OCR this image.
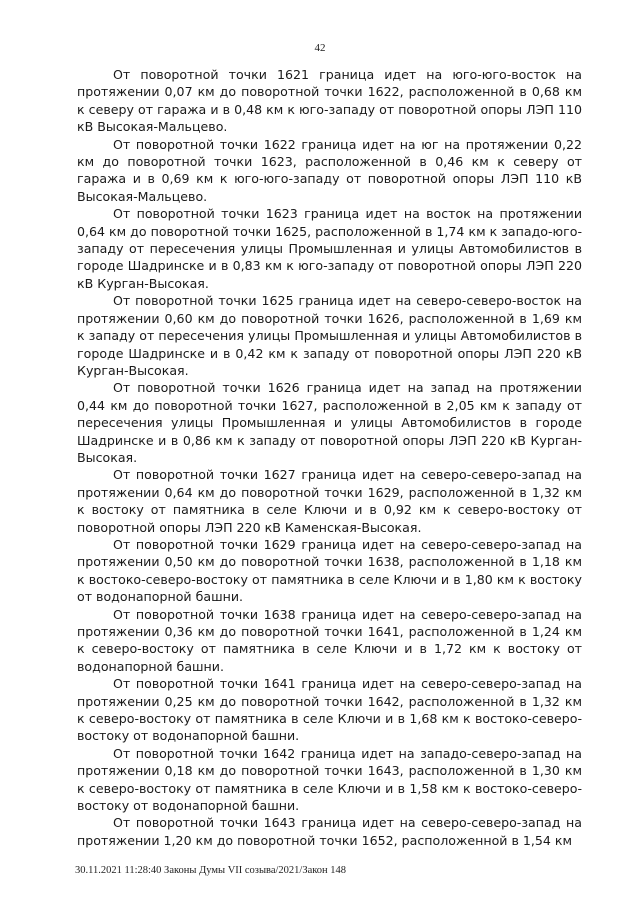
42

От поворотной точки 1621 граница идет на юго-юго-восток на протяжении 0,07 км до поворотной точки 1622, расположенной в 0,68 км к северу от гаража и в 0,48 км к юго-западу от поворотной опоры ЛЭП 110 кВ Высокая-Мальцево.

От поворотной точки 1622 граница идет на юг на протяжении 0,22 км до поворотной точки 1623, расположенной в 0,46 км к северу от гаража и в 0,69 км к юго-юго-западу от поворотной опоры ЛЭП 110 кВ Высокая-Мальцево.

От поворотной точки 1623 граница идет на восток на протяжении 0,64 км до поворотной точки 1625, расположенной в 1,74 км к западо-юго-западу от пересечения улицы Промышленная и улицы Автомобилистов в городе Шадринске и в 0,83 км к юго-западу от поворотной опоры ЛЭП 220 кВ Курган-Высокая.

От поворотной точки 1625 граница идет на северо-северо-восток на протяжении 0,60 км до поворотной точки 1626, расположенной в 1,69 км к западу от пересечения улицы Промышленная и улицы Автомобилистов в городе Шадринске и в 0,42 км к западу от поворотной опоры ЛЭП 220 кВ Курган-Высокая.

От поворотной точки 1626 граница идет на запад на протяжении 0,44 км до поворотной точки 1627, расположенной в 2,05 км к западу от пересечения улицы Промышленная и улицы Автомобилистов в городе Шадринске и в 0,86 км к западу от поворотной опоры ЛЭП 220 кВ Курган-Высокая.

От поворотной точки 1627 граница идет на северо-северо-запад на протяжении 0,64 км до поворотной точки 1629, расположенной в 1,32 км к востоку от памятника в селе Ключи и в 0,92 км к северо-востоку от поворотной опоры ЛЭП 220 кВ Каменская-Высокая.

От поворотной точки 1629 граница идет на северо-северо-запад на протяжении 0,50 км до поворотной точки 1638, расположенной в 1,18 км к востоко-северо-востоку от памятника в селе Ключи и в 1,80 км к востоку от водонапорной башни.

От поворотной точки 1638 граница идет на северо-северо-запад на протяжении 0,36 км до поворотной точки 1641, расположенной в 1,24 км к северо-востоку от памятника в селе Ключи и в 1,72 км к востоку от водонапорной башни.

От поворотной точки 1641 граница идет на северо-северо-запад на протяжении 0,25 км до поворотной точки 1642, расположенной в 1,32 км к северо-востоку от памятника в селе Ключи и в 1,68 км к востоко-северо-востоку от водонапорной башни.

От поворотной точки 1642 граница идет на западо-северо-запад на протяжении 0,18 км до поворотной точки 1643, расположенной в 1,30 км к северо-востоку от памятника в селе Ключи и в 1,58 км к востоко-северо-востоку от водонапорной башни.

От поворотной точки 1643 граница идет на северо-северо-запад на протяжении 1,20 км до поворотной точки 1652, расположенной в 1,54 км

30.11.2021 11:28:40 Законы Думы VII созыва/2021/Закон 148
